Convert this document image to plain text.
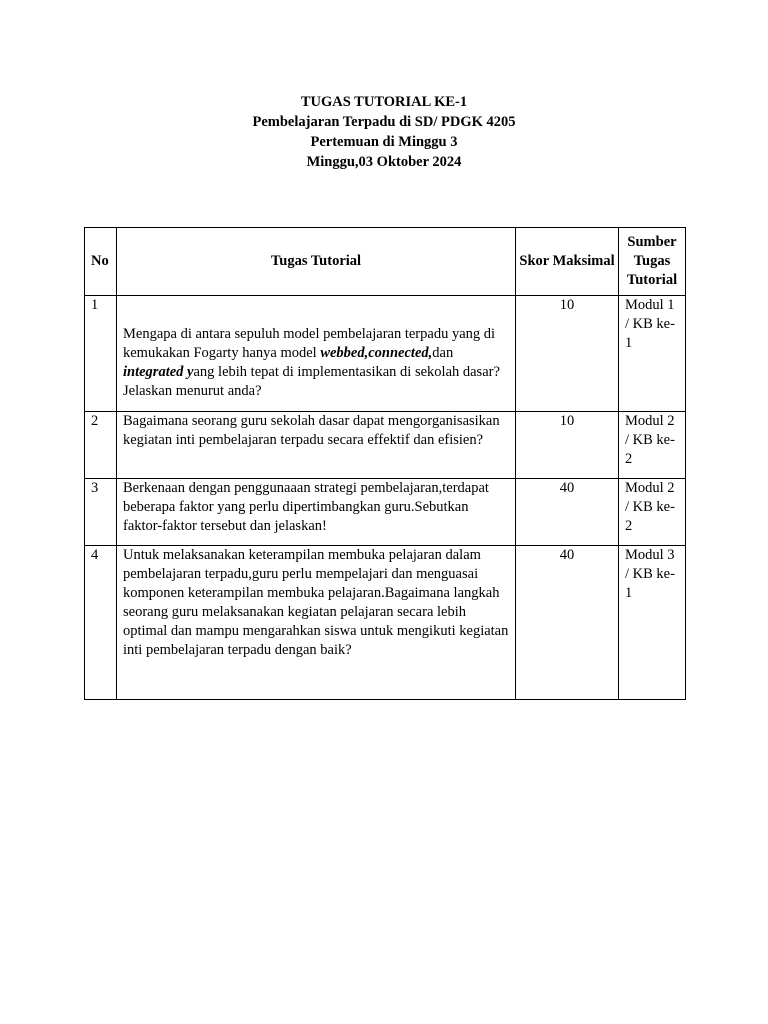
TUGAS TUTORIAL KE-1
Pembelajaran Terpadu di SD/ PDGK 4205
Pertemuan di Minggu 3
Minggu,03 Oktober 2024
No	Tugas Tutorial	Skor Maksimal	Sumber Tugas Tutorial
1	Mengapa di antara sepuluh model pembelajaran terpadu yang di kemukakan Fogarty hanya model webbed,connected,dan integrated yang lebih tepat di implementasikan di sekolah dasar?Jelaskan menurut anda?	10	Modul 1 / KB ke-1
2	Bagaimana seorang guru sekolah dasar dapat mengorganisasikan kegiatan inti pembelajaran terpadu secara effektif dan efisien?	10	Modul 2 / KB ke-2
3	Berkenaan dengan penggunaaan strategi pembelajaran,terdapat beberapa faktor yang perlu dipertimbangkan guru.Sebutkan faktor-faktor tersebut dan jelaskan!	40	Modul 2 / KB ke-2
4	Untuk melaksanakan keterampilan membuka pelajaran dalam pembelajaran terpadu,guru perlu mempelajari dan menguasai komponen keterampilan membuka pelajaran.Bagaimana langkah seorang guru melaksanakan kegiatan pelajaran secara lebih optimal dan mampu mengarahkan siswa untuk mengikuti kegiatan inti pembelajaran terpadu dengan baik?	40	Modul 3 / KB ke-1
